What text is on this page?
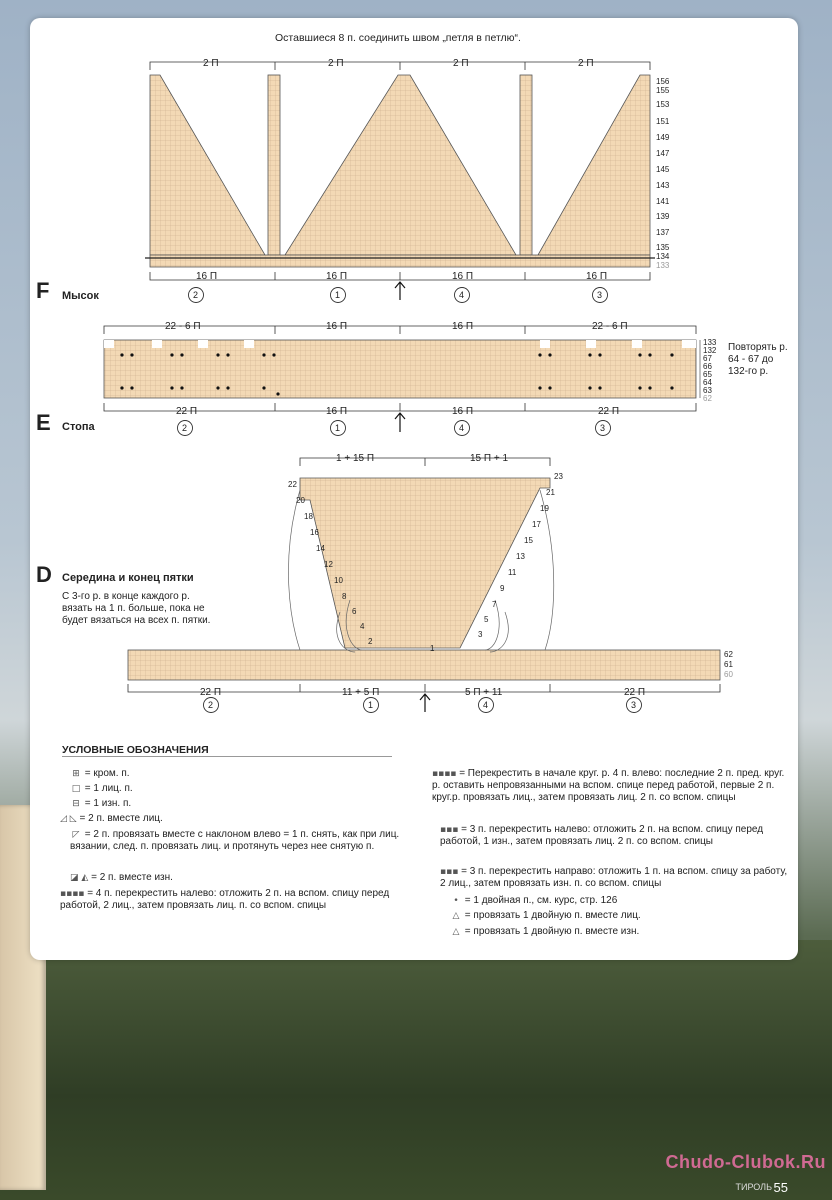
Оставшиеся 8 п. соединить швом „петля в петлю“.
2 П	2 П	2 П	2 П
16 П	16 П	16 П	16 П
156
155
153
151
149
147
145
143
141
139
137
135
134
133
2	1	4	3
F Мысок
22 - 6 П	16 П	16 П	22 - 6 П
22 П	16 П	16 П	22 П
133
132
67
66
65
64
63
62
Повторять р. 64 - 67 до 132-го р.
2	1	4	3
E Стопа
1 + 15 П	15 П + 1
22 П	11 + 5 П	5 П + 11	22 П
22
20
18
16
14
12
10
8
6
4
2
23
21
19
17
15
13
11
9
7
5
3
1
62
61
60
2	1	4	3
D Середина и конец пятки
С 3-го р. в конце каждого р. вязать на 1 п. больше, пока не будет вязаться на всех п. пятки.
УСЛОВНЫЕ ОБОЗНАЧЕНИЯ
⊞ = кром. п.
□ = 1 лиц. п.
⊟ = 1 изн. п.
◿ ◺ = 2 п. вместе лиц.
◸ = 2 п. провязать вместе с наклоном влево = 1 п. снять, как при лиц. вязании, след. п. провязать лиц. и протянуть через нее снятую п.
◪ ◭ = 2 п. вместе изн.
▪▪▪▪ = 4 п. перекрестить налево: отложить 2 п. на вспом. спицу перед работой, 2 лиц., затем провязать лиц. п. со вспом. спицы
▪▪▪▪ = Перекрестить в начале круг. р. 4 п. влево: последние 2 п. пред. круг. р. оставить непровязанными на вспом. спице перед работой, первые 2 п. круг.р. провязать лиц., затем провязать лиц. 2 п. со вспом. спицы
▪▪▪ = 3 п. перекрестить налево: отложить 2 п. на вспом. спицу перед работой, 1 изн., затем провязать лиц. 2 п. со вспом. спицы
▪▪▪ = 3 п. перекрестить направо: отложить 1 п. на вспом. спицу за работу, 2 лиц., затем провязать изн. п. со вспом. спицы
• = 1 двойная п., см. курс, стр. 126
△ = провязать 1 двойную п. вместе лиц.
△ = провязать 1 двойную п. вместе изн.
Chudo-Clubok.Ru
ТИРОЛЬ 55
